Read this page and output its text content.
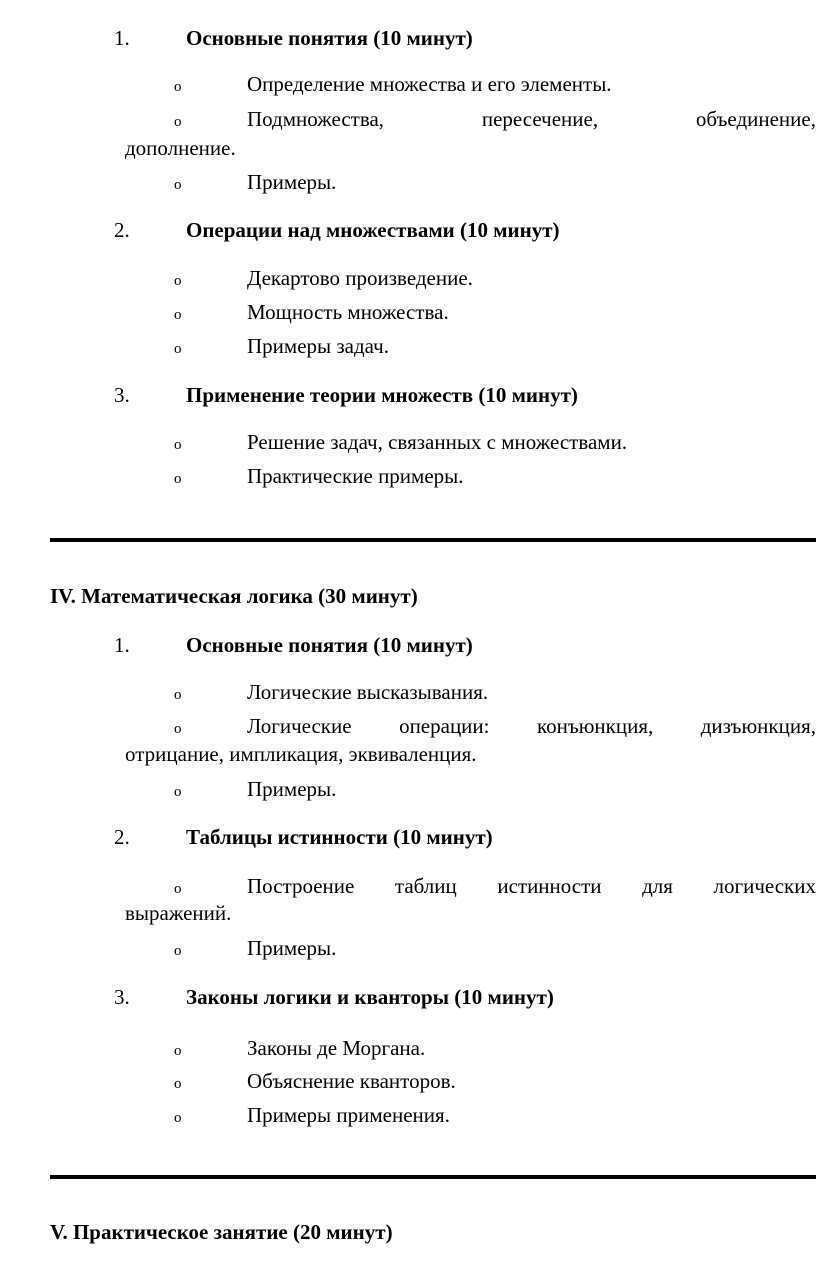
1.	Основные понятия (10 минут)
o	Определение множества и его элементы.
o	Подмножества,	пересечение,	объединение,
дополнение.
o	Примеры.
2.	Операции над множествами (10 минут)
o	Декартово произведение.
o	Мощность множества.
o	Примеры задач.
3.	Применение теории множеств (10 минут)
o	Решение задач, связанных с множествами.
o	Практические примеры.
IV. Математическая логика (30 минут)
1.	Основные понятия (10 минут)
o	Логические высказывания.
o	Логические операции: конъюнкция, дизъюнкция,
отрицание, импликация, эквиваленция.
o	Примеры.
2.	Таблицы истинности (10 минут)
o	Построение таблиц истинности для логических
выражений.
o	Примеры.
3.	Законы логики и кванторы (10 минут)
o	Законы де Моргана.
o	Объяснение кванторов.
o	Примеры применения.
V. Практическое занятие (20 минут)
